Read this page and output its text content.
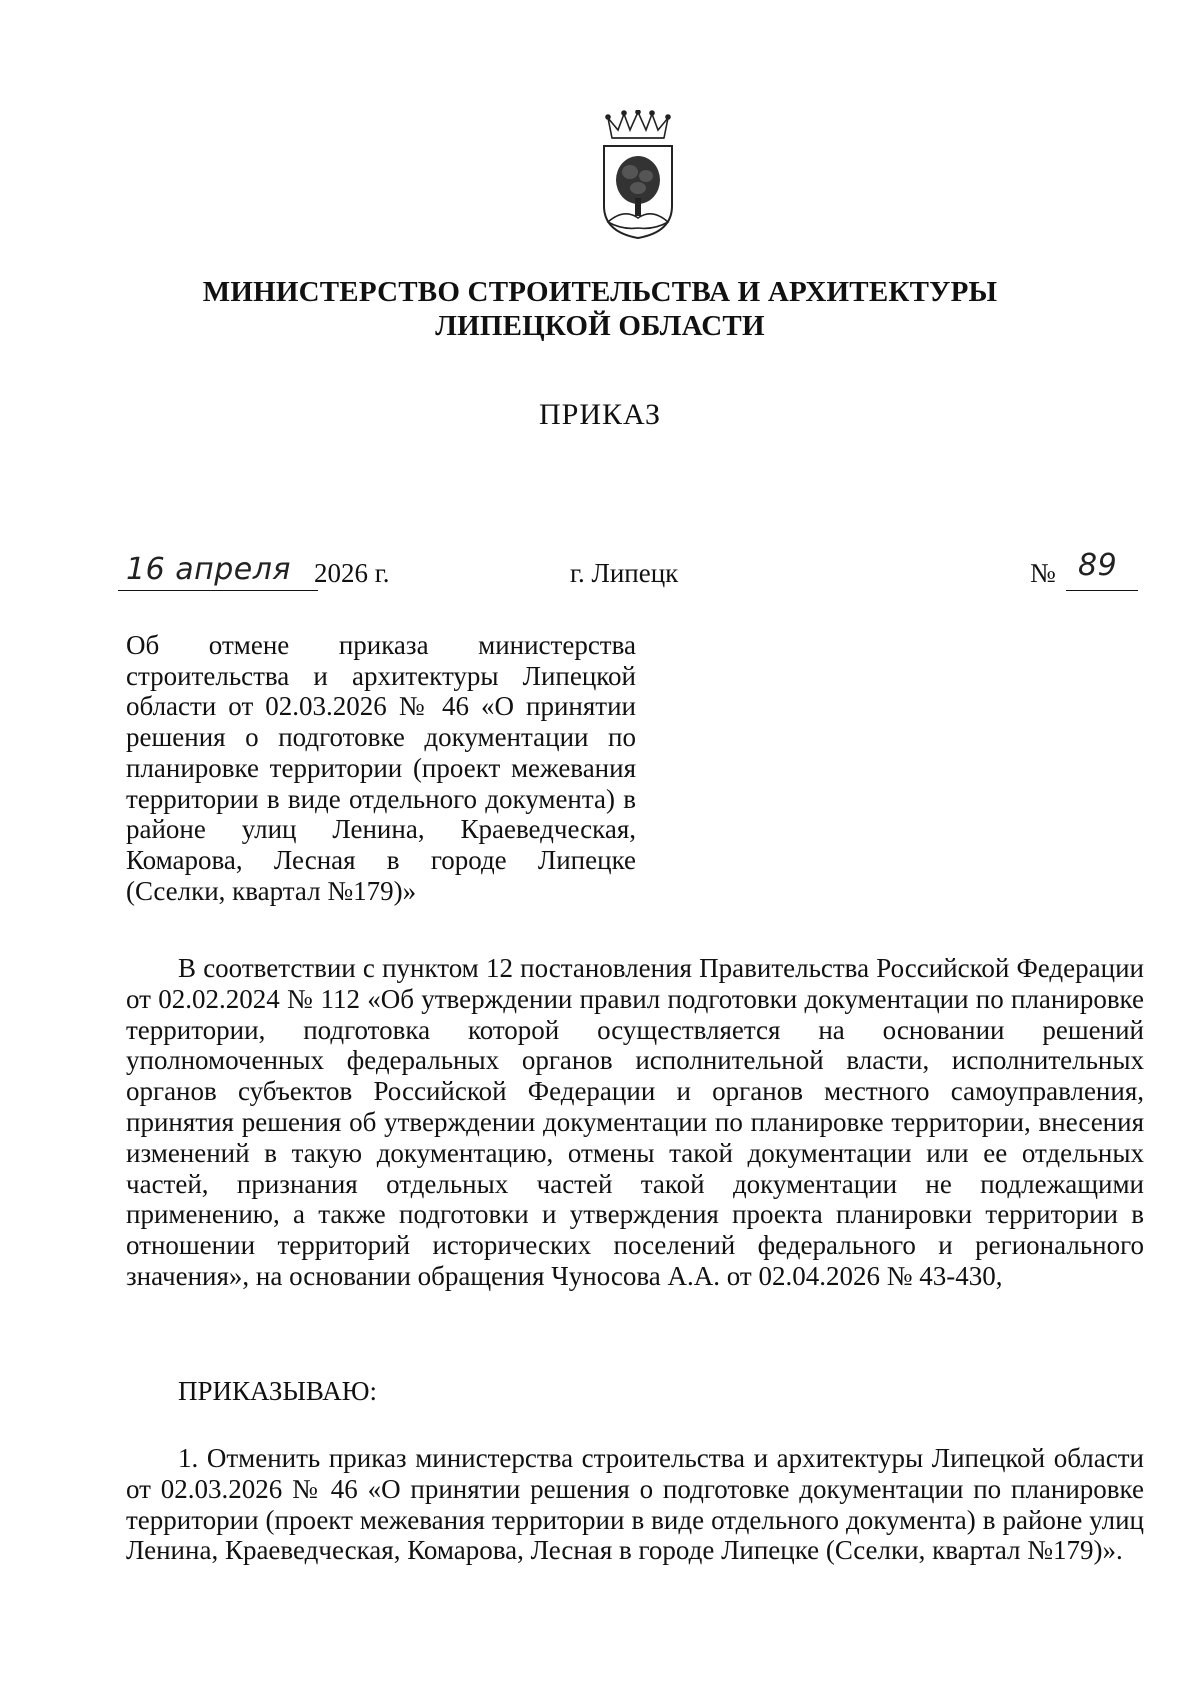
МИНИСТЕРСТВО СТРОИТЕЛЬСТВА И АРХИТЕКТУРЫ
ЛИПЕЦКОЙ ОБЛАСТИ
ПРИКАЗ
16 апреля 2026 г.	г. Липецк	№ 89
Об отмене приказа министерства строительства и архитектуры Липецкой области от 02.03.2026 № 46 «О принятии решения о подготовке документации по планировке территории (проект межевания территории в виде отдельного документа) в районе улиц Ленина, Краеведческая, Комарова, Лесная в городе Липецке (Сселки, квартал №179)»
В соответствии с пунктом 12 постановления Правительства Российской Федерации от 02.02.2024 № 112 «Об утверждении правил подготовки документации по планировке территории, подготовка которой осуществляется на основании решений уполномоченных федеральных органов исполнительной власти, исполнительных органов субъектов Российской Федерации и органов местного самоуправления, принятия решения об утверждении документации по планировке территории, внесения изменений в такую документацию, отмены такой документации или ее отдельных частей, признания отдельных частей такой документации не подлежащими применению, а также подготовки и утверждения проекта планировки территории в отношении территорий исторических поселений федерального и регионального значения», на основании обращения Чуносова А.А. от 02.04.2026 № 43-430,
ПРИКАЗЫВАЮ:
1. Отменить приказ министерства строительства и архитектуры Липецкой области от 02.03.2026 № 46 «О принятии решения о подготовке документации по планировке территории (проект межевания территории в виде отдельного документа) в районе улиц Ленина, Краеведческая, Комарова, Лесная в городе Липецке (Сселки, квартал №179)».
